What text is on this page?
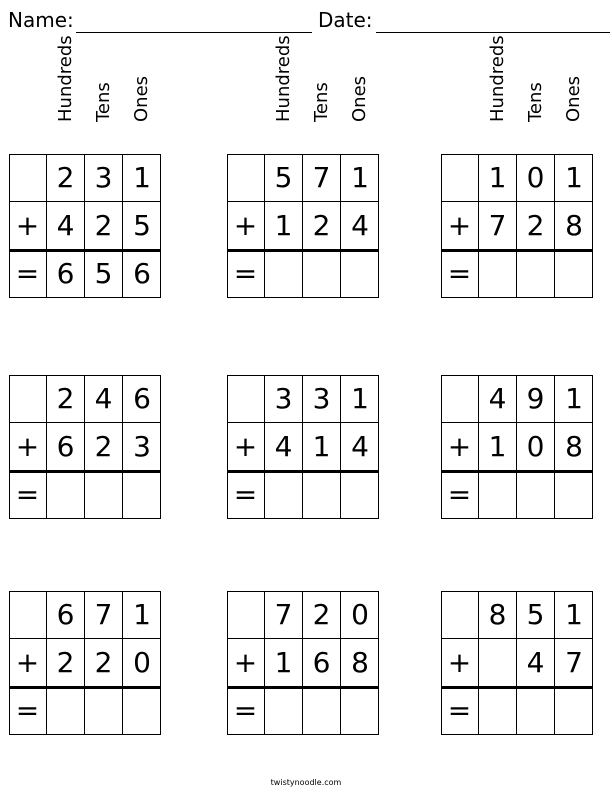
Name:	Date:
Hundreds Tens Ones	Hundreds Tens Ones	Hundreds Tens Ones
2 3 1
+ 4 2 5
= 6 5 6
5 7 1
+ 1 2 4
=
1 0 1
+ 7 2 8
=
2 4 6
+ 6 2 3
=
3 3 1
+ 4 1 4
=
4 9 1
+ 1 0 8
=
6 7 1
+ 2 2 0
=
7 2 0
+ 1 6 8
=
8 5 1
+	4 7
=
twistynoodle.com
